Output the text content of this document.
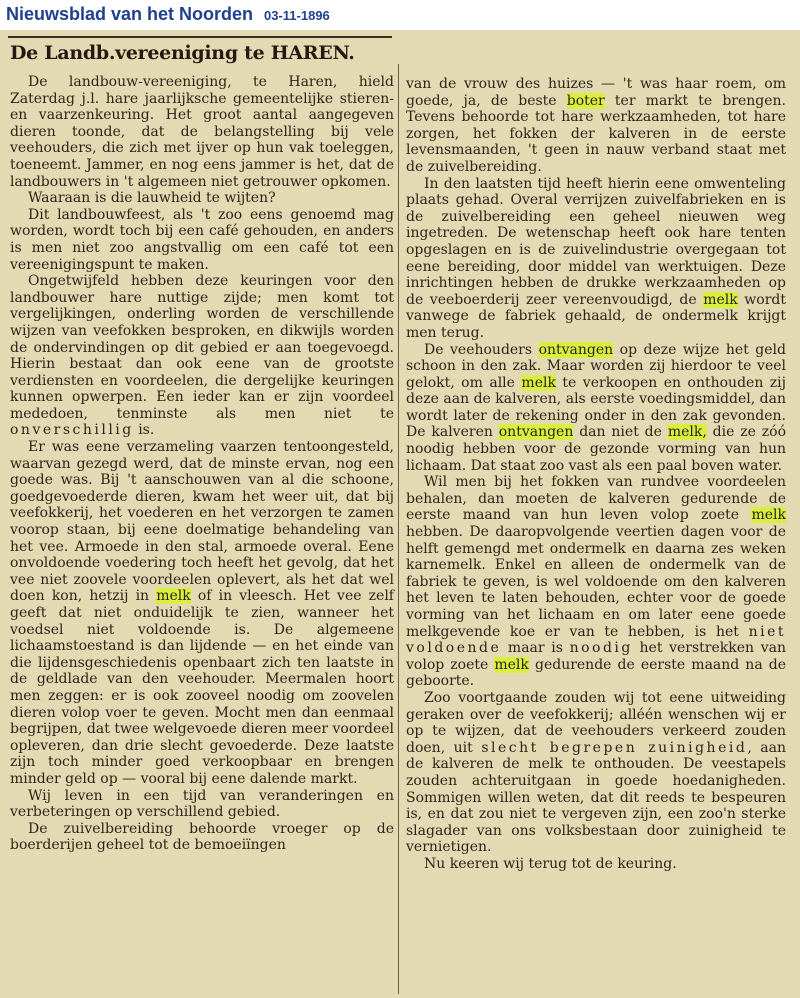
Nieuwsblad van het Noorden 03-11-1896
De Landb.vereeniging te HAREN.

De landbouw-vereeniging, te Haren, hield Zaterdag j.l. hare jaarlijksche gemeentelijke stieren- en vaarzenkeuring. Het groot aantal aangegeven dieren toonde, dat de belangstelling bij vele veehouders, die zich met ijver op hun vak toeleggen, toeneemt. Jammer, en nog eens jammer is het, dat de landbouwers in 't algemeen niet getrouwer opkomen.

Waaraan is die lauwheid te wijten?

Dit landbouwfeest, als 't zoo eens genoemd mag worden, wordt toch bij een café gehouden, en anders is men niet zoo angstvallig om een café tot een vereenigingspunt te maken.

Ongetwijfeld hebben deze keuringen voor den landbouwer hare nuttige zijde; men komt tot vergelijkingen, onderling worden de verschillende wijzen van veefokken besproken, en dikwijls worden de ondervindingen op dit gebied er aan toegevoegd. Hierin bestaat dan ook eene van de grootste verdiensten en voordeelen, die dergelijke keuringen kunnen opwerpen. Een ieder kan er zijn voordeel mededoen, tenminste als men niet te onverschillig is.

Er was eene verzameling vaarzen tentoongesteld, waarvan gezegd werd, dat de minste ervan, nog een goede was. Bij 't aanschouwen van al die schoone, goedgevoederde dieren, kwam het weer uit, dat bij veefokkerij, het voederen en het verzorgen te zamen voorop staan, bij eene doelmatige behandeling van het vee. Armoede in den stal, armoede overal. Eene onvoldoende voedering toch heeft het gevolg, dat het vee niet zoovele voordeelen oplevert, als het dat wel doen kon, hetzij in melk of in vleesch. Het vee zelf geeft dat niet onduidelijk te zien, wanneer het voedsel niet voldoende is. De algemeene lichaamstoestand is dan lijdende — en het einde van die lijdensgeschiedenis openbaart zich ten laatste in de geldlade van den veehouder. Meermalen hoort men zeggen: er is ook zooveel noodig om zoovelen dieren volop voer te geven. Mocht men dan eenmaal begrijpen, dat twee welgevoede dieren meer voordeel opleveren, dan drie slecht gevoederde. Deze laatste zijn toch minder goed verkoopbaar en brengen minder geld op — vooral bij eene dalende markt.

Wij leven in een tijd van veranderingen en verbeteringen op verschillend gebied.

De zuivelbereiding behoorde vroeger op de boerderijen geheel tot de bemoeiïngen

van de vrouw des huizes — 't was haar roem, om goede, ja, de beste boter ter markt te brengen. Tevens behoorde tot hare werkzaamheden, tot hare zorgen, het fokken der kalveren in de eerste levensmaanden, 't geen in nauw verband staat met de zuivelbereiding.

In den laatsten tijd heeft hierin eene omwenteling plaats gehad. Overal verrijzen zuivelfabrieken en is de zuivelbereiding een geheel nieuwen weg ingetreden. De wetenschap heeft ook hare tenten opgeslagen en is de zuivelindustrie overgegaan tot eene bereiding, door middel van werktuigen. Deze inrichtingen hebben de drukke werkzaamheden op de veeboerderij zeer vereenvoudigd, de melk wordt vanwege de fabriek gehaald, de ondermelk krijgt men terug.

De veehouders ontvangen op deze wijze het geld schoon in den zak. Maar worden zij hierdoor te veel gelokt, om alle melk te verkoopen en onthouden zij deze aan de kalveren, als eerste voedingsmiddel, dan wordt later de rekening onder in den zak gevonden. De kalveren ontvangen dan niet de melk, die ze zóó noodig hebben voor de gezonde vorming van hun lichaam. Dat staat zoo vast als een paal boven water.

Wil men bij het fokken van rundvee voordeelen behalen, dan moeten de kalveren gedurende de eerste maand van hun leven volop zoete melk hebben. De daaropvolgende veertien dagen voor de helft gemengd met ondermelk en daarna zes weken karnemelk. Enkel en alleen de ondermelk van de fabriek te geven, is wel voldoende om den kalveren het leven te laten behouden, echter voor de goede vorming van het lichaam en om later eene goede melkgevende koe er van te hebben, is het niet voldoende maar is noodig het verstrekken van volop zoete melk gedurende de eerste maand na de geboorte.

Zoo voortgaande zouden wij tot eene uitweiding geraken over de veefokkerij; alléén wenschen wij er op te wijzen, dat de veehouders verkeerd zouden doen, uit slecht begrepen zuinigheid, aan de kalveren de melk te onthouden. De veestapels zouden achteruitgaan in goede hoedanigheden. Sommigen willen weten, dat dit reeds te bespeuren is, en dat zou niet te vergeven zijn, een zoo'n sterke slagader van ons volksbestaan door zuinigheid te vernietigen.

Nu keeren wij terug tot de keuring.
